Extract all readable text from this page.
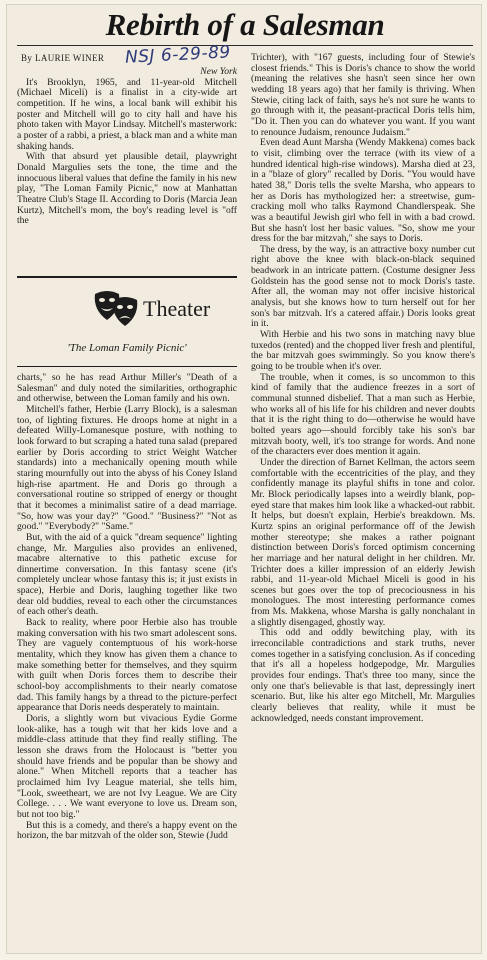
Rebirth of a Salesman
By LAURIE WINER NSJ 6-29-89
New York

It's Brooklyn, 1965, and 11-year-old Mitchell (Michael Miceli) is a finalist in a city-wide art competition. If he wins, a local bank will exhibit his poster and Mitchell will go to city hall and have his photo taken with Mayor Lindsay. Mitchell's masterwork: a poster of a rabbi, a priest, a black man and a white man shaking hands.

With that absurd yet plausible detail, playwright Donald Margulies sets the tone, the time and the innocuous liberal values that define the family in his new play, "The Loman Family Picnic," now at Manhattan Theatre Club's Stage II. According to Doris (Marcia Jean Kurtz), Mitchell's mom, the boy's reading level is "off the

Theater
'The Loman Family Picnic'

charts," so he has read Arthur Miller's "Death of a Salesman" and duly noted the similarities, orthographic and otherwise, between the Loman family and his own.

Mitchell's father, Herbie (Larry Block), is a salesman too, of lighting fixtures. He droops home at night in a defeated Willy-Lomanesque posture, with nothing to look forward to but scraping a hated tuna salad (prepared earlier by Doris according to strict Weight Watcher standards) into a mechanically opening mouth while staring mournfully out into the abyss of his Coney Island high-rise apartment. He and Doris go through a conversational routine so stripped of energy or thought that it becomes a minimalist satire of a dead marriage. "So, how was your day?" "Good." "Business?" "Not as good." "Everybody?" "Same."

But, with the aid of a quick "dream sequence" lighting change, Mr. Margulies also provides an enlivened, macabre alternative to this pathetic excuse for dinnertime conversation. In this fantasy scene (it's completely unclear whose fantasy this is; it just exists in space), Herbie and Doris, laughing together like two dear old buddies, reveal to each other the circumstances of each other's death.

Back to reality, where poor Herbie also has trouble making conversation with his two smart adolescent sons. They are vaguely contemptuous of his work-horse mentality, which they know has given them a chance to make something better for themselves, and they squirm with guilt when Doris forces them to describe their school-boy accomplishments to their nearly comatose dad. This family hangs by a thread to the picture-perfect appearance that Doris needs desperately to maintain.

Doris, a slightly worn but vivacious Eydie Gorme look-alike, has a tough wit that her kids love and a middle-class attitude that they find really stifling. The lesson she draws from the Holocaust is "better you should have friends and be popular than be showy and alone." When Mitchell reports that a teacher has proclaimed him Ivy League material, she tells him, "Look, sweetheart, we are not Ivy League. We are City College. . . . We want everyone to love us. Dream son, but not too big."

But this is a comedy, and there's a happy event on the horizon, the bar mitzvah of the older son, Stewie (Judd

Trichter), with "167 guests, including four of Stewie's closest friends." This is Doris's chance to show the world (meaning the relatives she hasn't seen since her own wedding 18 years ago) that her family is thriving. When Stewie, citing lack of faith, says he's not sure he wants to go through with it, the peasant-practical Doris tells him, "Do it. Then you can do whatever you want. If you want to renounce Judaism, renounce Judaism."

Even dead Aunt Marsha (Wendy Makkena) comes back to visit, climbing over the terrace (with its view of a hundred identical high-rise windows). Marsha died at 23, in a "blaze of glory" recalled by Doris. "You would have hated 38," Doris tells the svelte Marsha, who appears to her as Doris has mythologized her: a streetwise, gum-cracking moll who talks Raymond Chandlerspeak. She was a beautiful Jewish girl who fell in with a bad crowd. But she hasn't lost her basic values. "So, show me your dress for the bar mitzvah," she says to Doris.

The dress, by the way, is an attractive boxy number cut right above the knee with black-on-black sequined beadwork in an intricate pattern. (Costume designer Jess Goldstein has the good sense not to mock Doris's taste. After all, the woman may not offer incisive historical analysis, but she knows how to turn herself out for her son's bar mitzvah. It's a catered affair.) Doris looks great in it.

With Herbie and his two sons in matching navy blue tuxedos (rented) and the chopped liver fresh and plentiful, the bar mitzvah goes swimmingly. So you know there's going to be trouble when it's over.

The trouble, when it comes, is so uncommon to this kind of family that the audience freezes in a sort of communal stunned disbelief. That a man such as Herbie, who works all of his life for his children and never doubts that it is the right thing to do—otherwise he would have bolted years ago—should forcibly take his son's bar mitzvah booty, well, it's too strange for words. And none of the characters ever does mention it again.

Under the direction of Barnet Kellman, the actors seem comfortable with the eccentricities of the play, and they confidently manage its playful shifts in tone and color. Mr. Block periodically lapses into a weirdly blank, pop-eyed stare that makes him look like a whacked-out rabbit. It helps, but doesn't explain, Herbie's breakdown. Ms. Kurtz spins an original performance off of the Jewish mother stereotype; she makes a rather poignant distinction between Doris's forced optimism concerning her marriage and her natural delight in her children. Mr. Trichter does a killer impression of an elderly Jewish rabbi, and 11-year-old Michael Miceli is good in his scenes but goes over the top of precociousness in his monologues. The most interesting performance comes from Ms. Makkena, whose Marsha is gally nonchalant in a slightly disengaged, ghostly way.

This odd and oddly bewitching play, with its irreconcilable contradictions and stark truths, never comes together in a satisfying conclusion. As if conceding that it's all a hopeless hodgepodge, Mr. Margulies provides four endings. That's three too many, since the only one that's believable is that last, depressingly inert scenario. But, like his alter ego Mitchell, Mr. Margulies clearly believes that reality, while it must be acknowledged, needs constant improvement.
